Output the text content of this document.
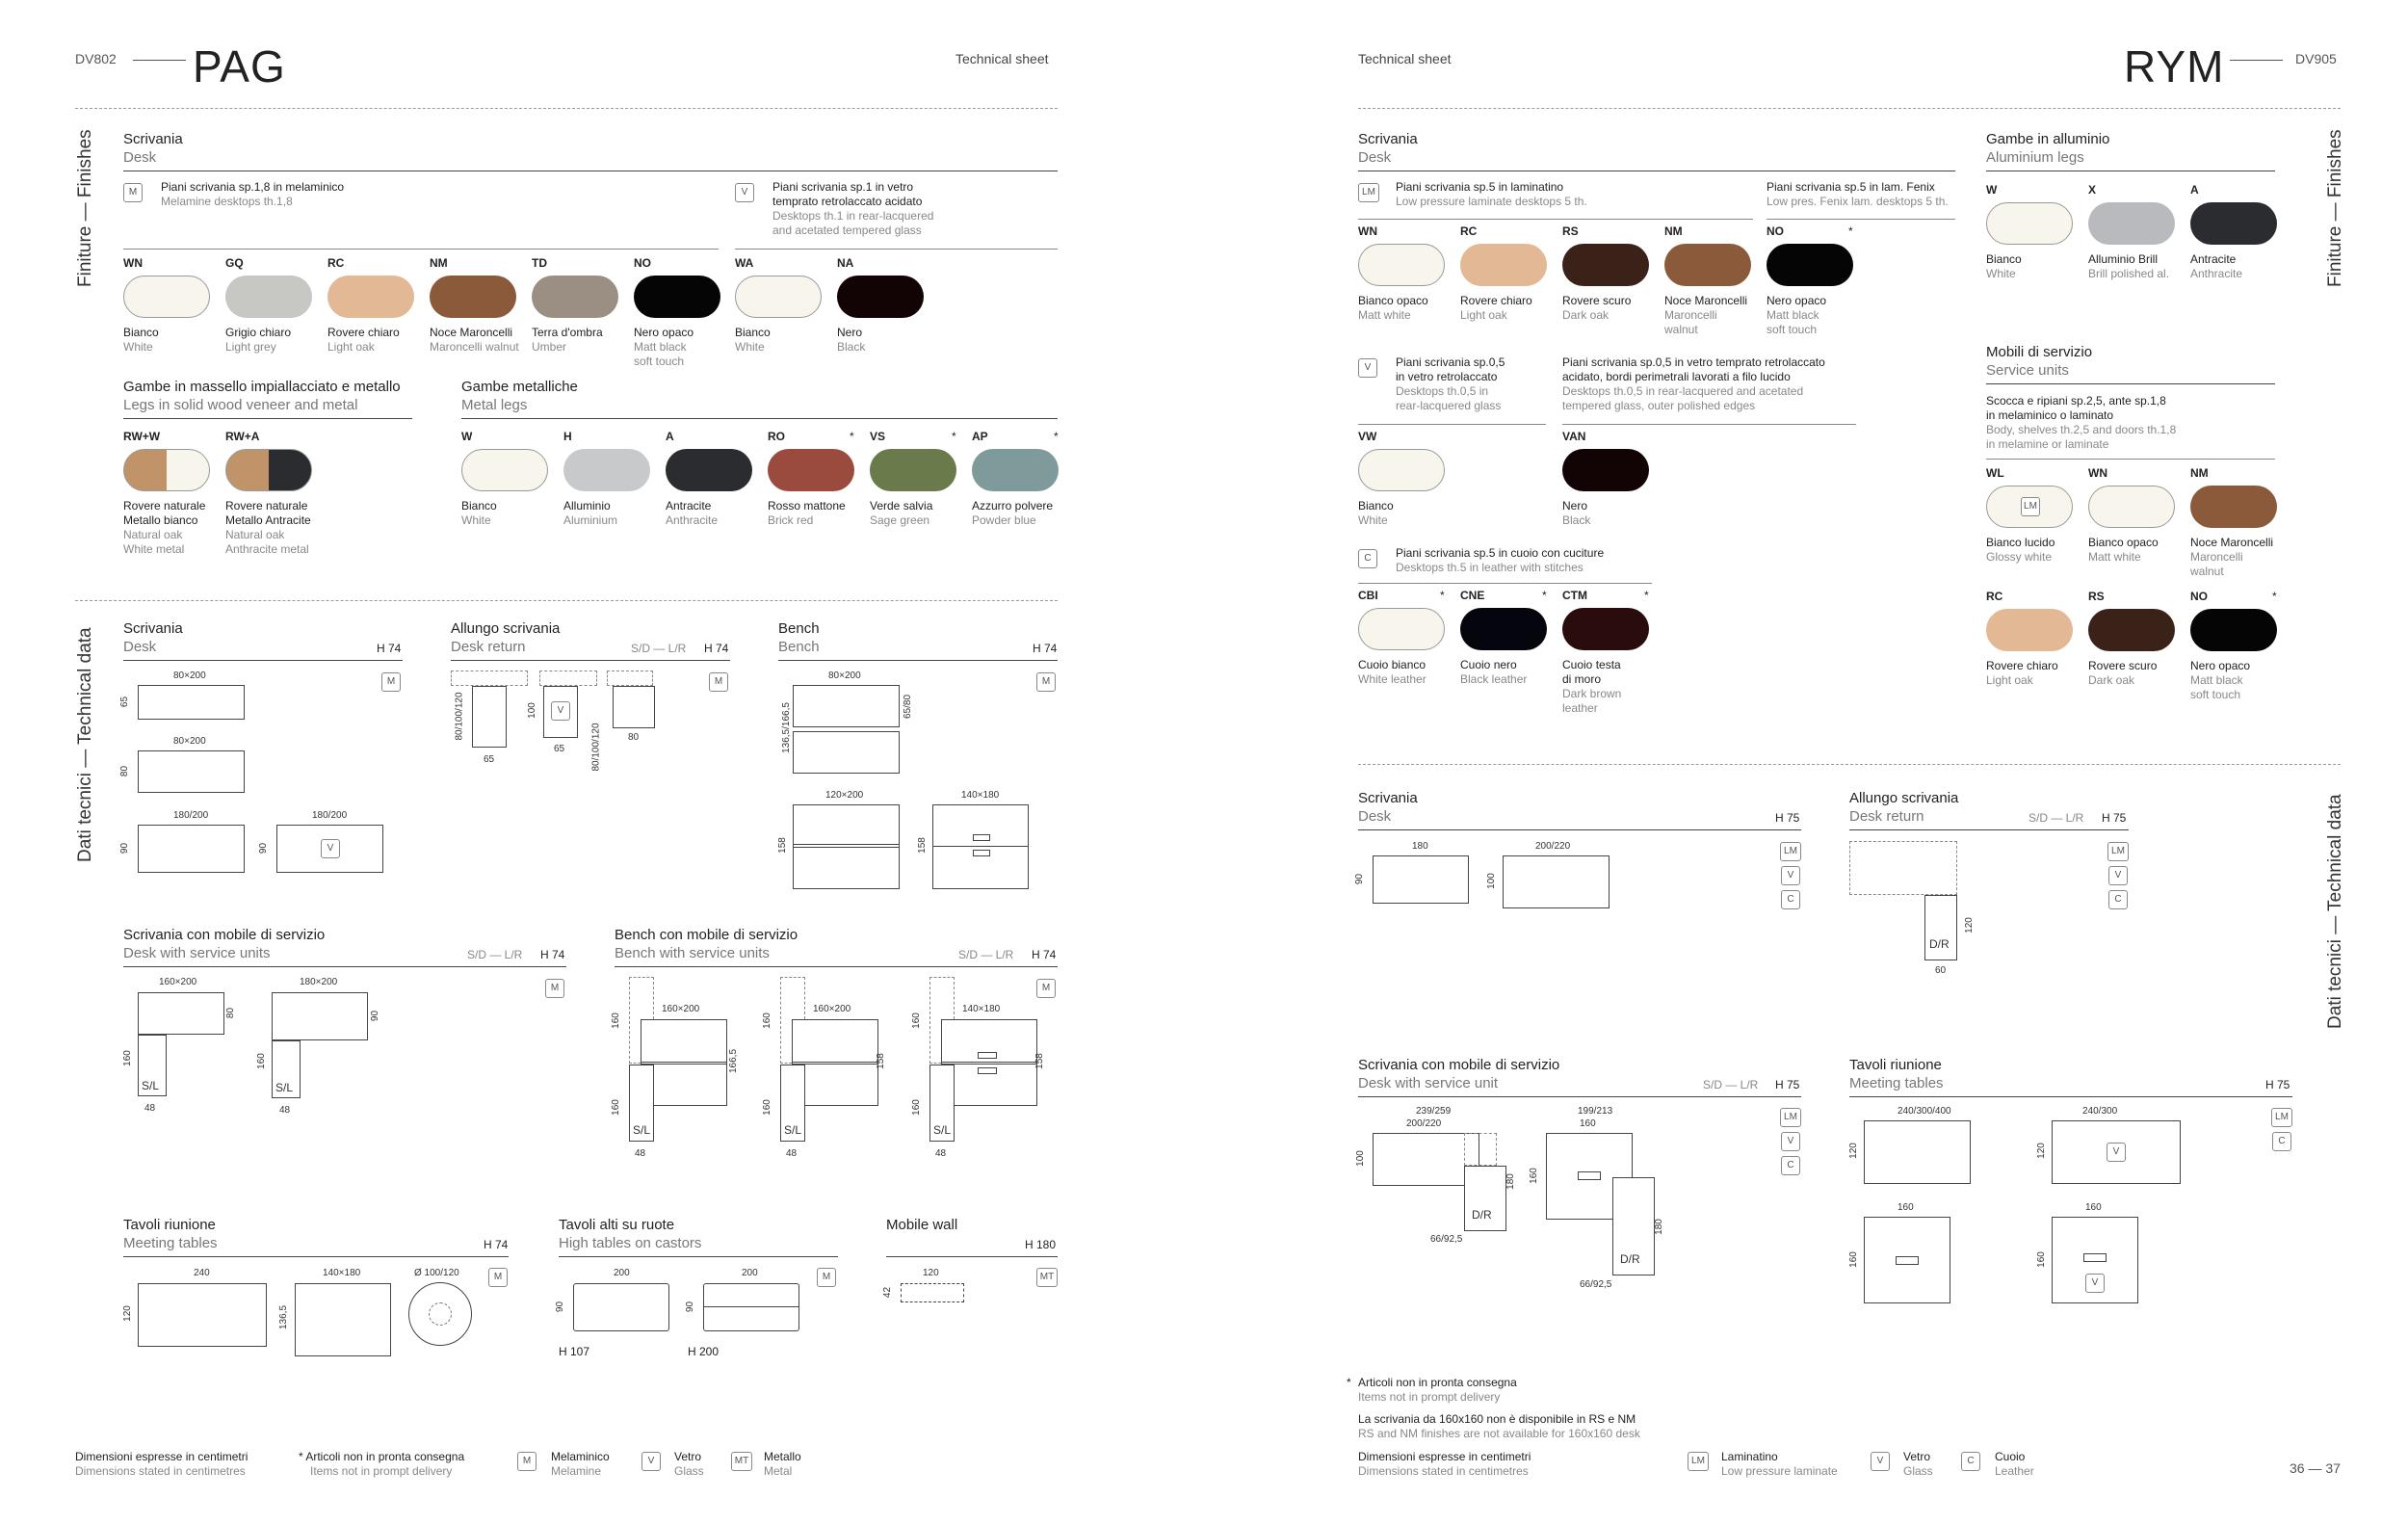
DV802 PAG	Technical sheet
Finiture — Finishes Scrivania
Desk
M	Piani scrivania sp.1,8 in melaminico
Melamine desktops th.1,8
V	Piani scrivania sp.1 in vetro
temprato retrolaccato acidato
Desktops th.1 in rear-lacquered
and acetated tempered glass
WN
Bianco
White
GQ
Grigio chiaro
Light grey
RC
Rovere chiaro
Light oak
NM
Noce Maroncelli
Maroncelli walnut
TD
Terra d'ombra
Umber
NO
Nero opaco
Matt black
soft touch
WA
Bianco
White
NA
Nero
Black
Gambe in massello impiallacciato e metallo
Legs in solid wood veneer and metal
Gambe metalliche
Metal legs
RW+W
Rovere naturale
Metallo bianco
Natural oak
White metal
RW+A
Rovere naturale
Metallo Antracite
Natural oak
Anthracite metal
W
Bianco
White
H
Alluminio
Aluminium
A
Antracite
Anthracite
RO	*
Rosso mattone
Brick red
VS	*
Verde salvia
Sage green
AP	*
Azzurro polvere
Powder blue
Dati tecnici — Technical data Scrivania
Desk	H 74
M
80×200
65
80×200
80
180/200
90
180/200
V
90
Allungo scrivania
Desk return	S/D — L/R H 74
M
80/100/120
65
V
100
65	80/100/120	80
Bench
Bench	H 74
M
80×200
136,5/166,5	65/80
120×200
158
140×180
158
Scrivania con mobile di servizio
Desk with service units	S/D — L/R H 74
M
160×200
80
S/L
160
48
180×200
90
S/L
160
48
Bench con mobile di servizio
Bench with service units	S/D — L/R H 74
M
160×200
S/L
160
160
166,5
48
160×200
S/L
160
160
158
48
140×180
S/L
160
160
158
48
Tavoli riunione
Meeting tables	H 74
M
240
120
140×180
136,5
Ø 100/120
Tavoli alti su ruote
High tables on castors
M
200
90
200
90
H 107	H 200
Mobile wall
H 180
MT
120
42
Dimensioni espresse in centimetri
Dimensions stated in centimetres
* Articoli non in pronta consegna
Items not in prompt delivery
M	Melaminico
Melamine
V	Vetro
Glass
MT	Metallo
Metal
Technical sheet	RYM	DV905
Finiture — Finishes
Scrivania
Desk
LM	Piani scrivania sp.5 in laminatino
Low pressure laminate desktops 5 th.
Piani scrivania sp.5 in lam. Fenix
Low pres. Fenix lam. desktops 5 th.
WN
Bianco opaco
Matt white
RC
Rovere chiaro
Light oak
RS
Rovere scuro
Dark oak
NM
Noce Maroncelli
Maroncelli
walnut
NO	*
Nero opaco
Matt black
soft touch
VW
Bianco
White
VAN
Nero
Black
CBI	*
Cuoio bianco
White leather
CNE	*
Cuoio nero
Black leather
CTM	*
Cuoio testa
di moro
Dark brown
leather
W
Bianco
White
X
Alluminio Brill
Brill polished al.
A
Antracite
Anthracite
WL
LM
Bianco lucido
Glossy white
WN
Bianco opaco
Matt white
NM
Noce Maroncelli
Maroncelli
walnut
RC
Rovere chiaro
Light oak
RS
Rovere scuro
Dark oak
NO	*
Nero opaco
Matt black
soft touch
V	Piani scrivania sp.0,5
in vetro retrolaccato
Desktops th.0,5 in
rear-lacquered glass
Piani scrivania sp.0,5 in vetro temprato retrolaccato
acidato, bordi perimetrali lavorati a filo lucido
Desktops th.0,5 in rear-lacquered and acetated
tempered glass, outer polished edges
C	Piani scrivania sp.5 in cuoio con cuciture
Desktops th.5 in leather with stitches
Gambe in alluminio
Aluminium legs
Mobili di servizio
Service units
Scocca e ripiani sp.2,5, ante sp.1,8
in melaminico o laminato
Body, shelves th.2,5 and doors th.1,8
in melamine or laminate
Dati tecnici — Technical data
Scrivania
Desk	H 75
LM
V
C
180
90
200/220
100
Allungo scrivania
Desk return	S/D — L/R H 75
LM
V
C
D/R
120
60
Scrivania con mobile di servizio
Desk with service unit	S/D — L/R H 75
LM
V
C
239/259
200/220
100
D/R
180
66/92,5
199/213
160
160
D/R
180
66/92,5
Tavoli riunione
Meeting tables	H 75
LM
C
240/300/400
120
240/300
V
120
160
160
160
V
160
* Articoli non in pronta consegna
Items not in prompt delivery
La scrivania da 160x160 non è disponibile in RS e NM
RS and NM finishes are not available for 160x160 desk
Dimensioni espresse in centimetri
Dimensions stated in centimetres
LM	Laminatino
Low pressure laminate
V	Vetro
Glass
C	Cuoio
Leather	36 — 37
